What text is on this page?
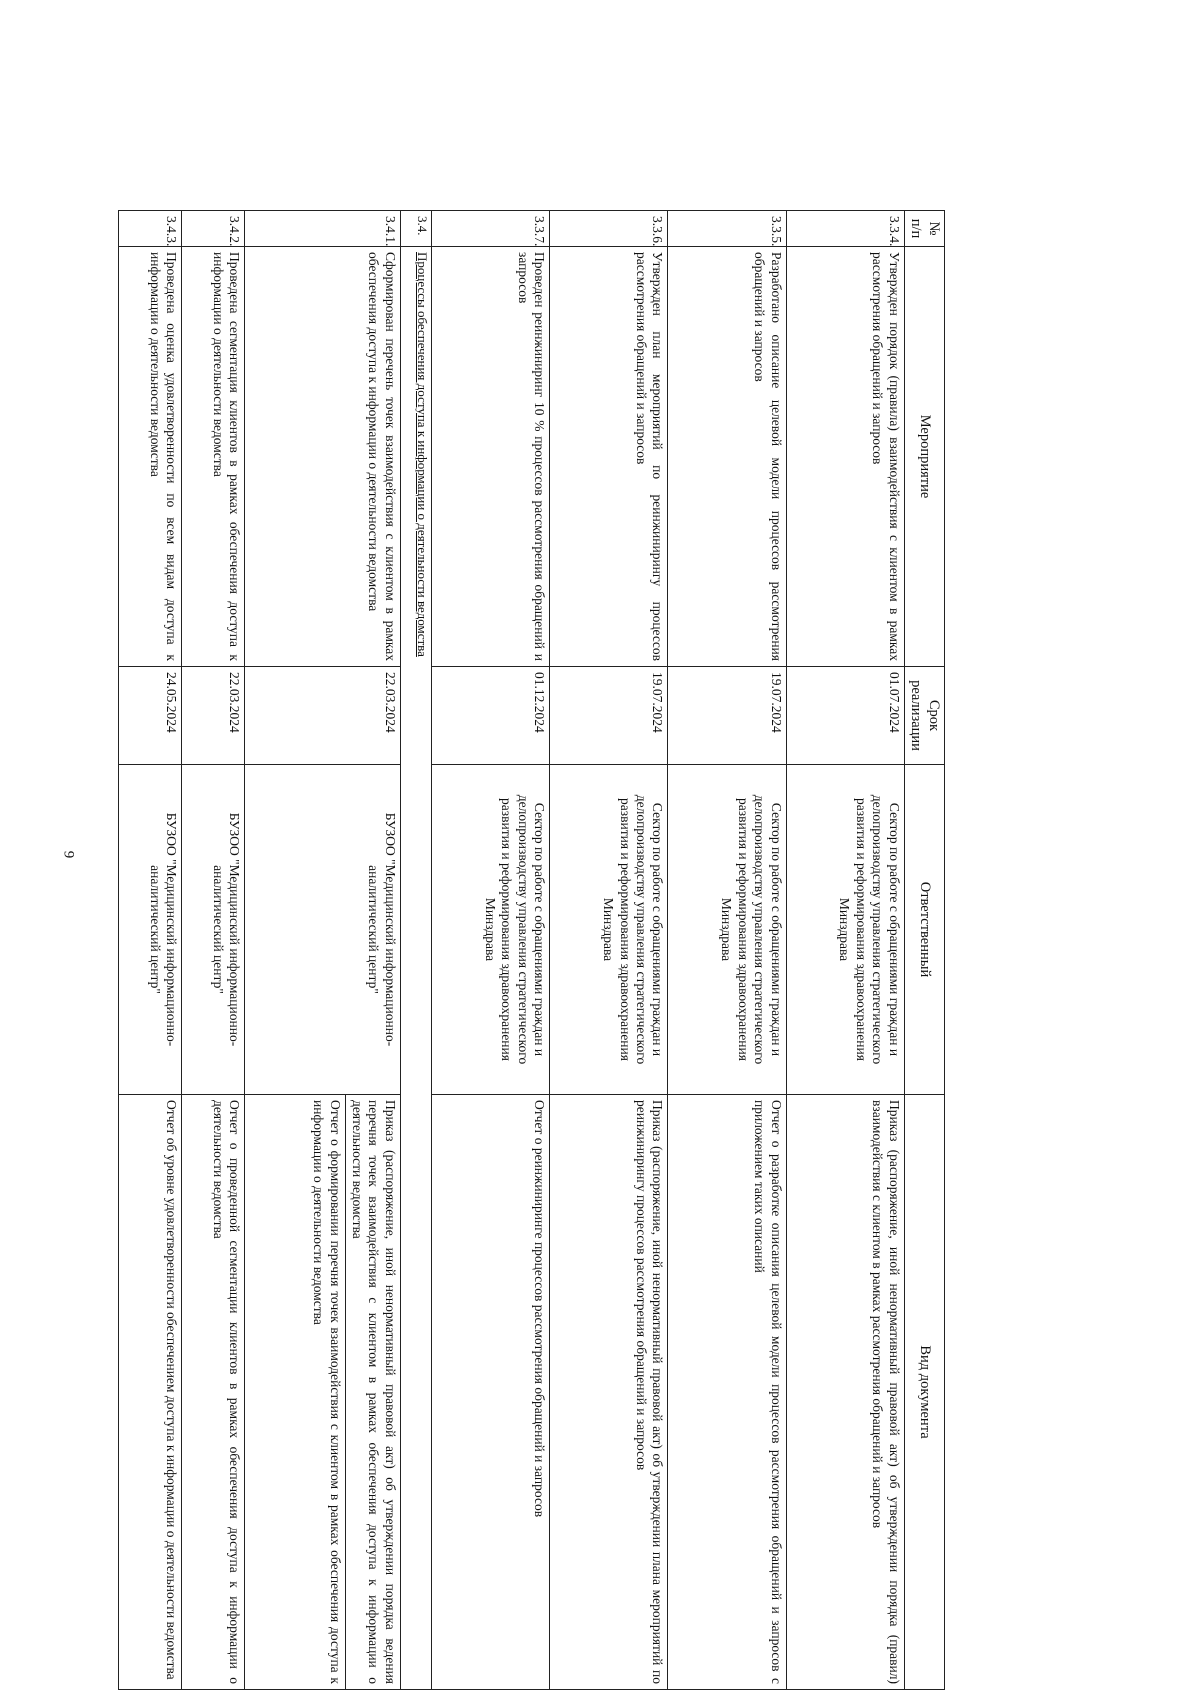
9
№ п/п	Мероприятие	Срок реализации	Ответственный	Вид документа
3.3.4.	Утвержден порядок (правила) взаимодействия с клиентом в рамках рассмотрения обращений и запросов	01.07.2024	Сектор по работе с обращениями граждан и делопроизводству управления стратегического развития и реформирования здравоохранения Минздрава	Приказ (распоряжение, иной ненормативный правовой акт) об утверждении порядка (правил) взаимодействия с клиентом в рамках рассмотрения обращений и запросов
3.3.5.	Разработано описание целевой модели процессов рассмотрения обращений и запросов	19.07.2024	Сектор по работе с обращениями граждан и делопроизводству управления стратегического развития и реформирования здравоохранения Минздрава	Отчет о разработке описания целевой модели процессов рассмотрения обращений и запросов с приложением таких описаний
3.3.6.	Утвержден план мероприятий по реинжинирингу процессов рассмотрения обращений и запросов	19.07.2024	Сектор по работе с обращениями граждан и делопроизводству управления стратегического развития и реформирования здравоохранения Минздрава	Приказ (распоряжение, иной ненормативный правовой акт) об утверждении плана мероприятий по реинжинирингу процессов рассмотрения обращений и запросов
3.3.7.	Проведен реинжиниринг 10 % процессов рассмотрения обращений и запросов	01.12.2024	Сектор по работе с обращениями граждан и делопроизводству управления стратегического развития и реформирования здравоохранения Минздрава	Отчет о реинжиниринге процессов рассмотрения обращений и запросов
3.4.	Процессы обеспечения доступа к информации о деятельности ведомства			
3.4.1.	Сформирован перечень точек взаимодействия с клиентом в рамках обеспечения доступа к информации о деятельности ведомства	22.03.2024	БУЗОО "Медицинский информационно-аналитический центр"	Приказ (распоряжение, иной ненормативный правовой акт) об утверждении порядка ведения перечня точек взаимодействия с клиентом в рамках обеспечения доступа к информации о деятельности ведомства
Отчет о формировании перечня точек взаимодействия с клиентом в рамках обеспечения доступа к информации о деятельности ведомства

3.4.2.	Проведена сегментация клиентов в рамках обеспечения доступа к информации о деятельности ведомства	22.03.2024	БУЗОО "Медицинский информационно-аналитический центр"	Отчет о проведенной сегментации клиентов в рамках обеспечения доступа к информации о деятельности ведомства
3.4.3.	Проведена оценка удовлетворенности по всем видам доступа к информации о деятельности ведомства	24.05.2024	БУЗОО "Медицинский информационно-аналитический центр"	Отчет об уровне удовлетворенности обеспечением доступа к информации о деятельности ведомства
